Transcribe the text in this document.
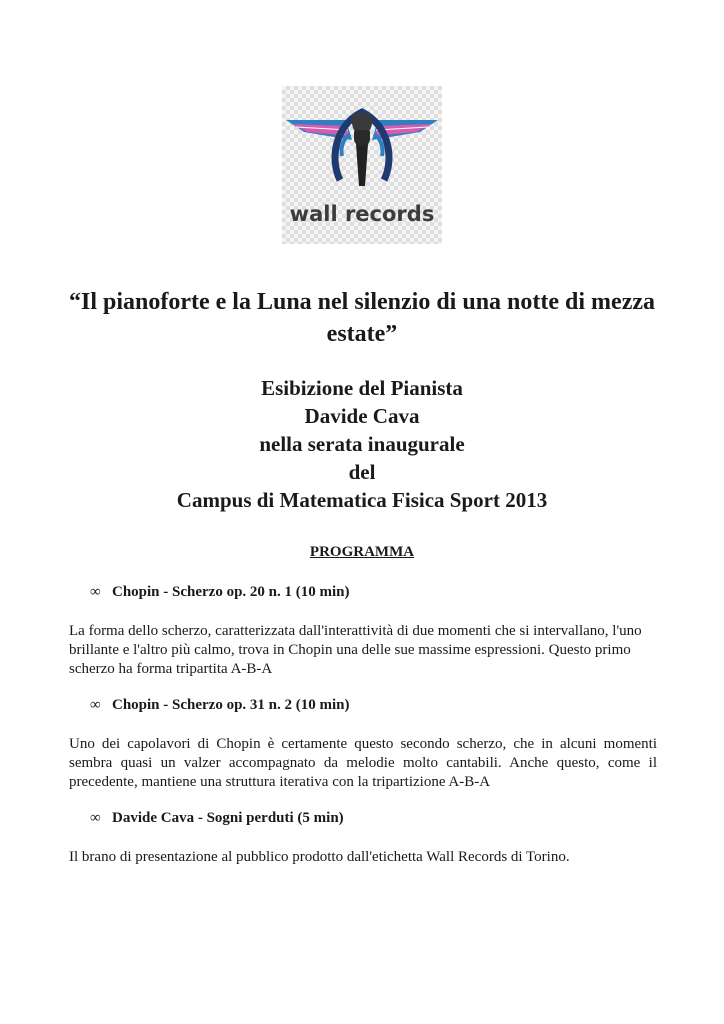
wall records
“Il pianoforte e la Luna nel silenzio di una notte di mezza estate”
Esibizione del Pianista
Davide Cava
nella serata inaugurale
del
Campus di Matematica Fisica Sport 2013
PROGRAMMA
∞ Chopin - Scherzo op. 20 n. 1 (10 min)
La forma dello scherzo, caratterizzata dall'interattività di due momenti che si intervallano, l'uno brillante e l'altro più calmo, trova in Chopin una delle sue massime espressioni. Questo primo scherzo ha forma tripartita A-B-A
∞ Chopin - Scherzo op. 31 n. 2 (10 min)
Uno dei capolavori di Chopin è certamente questo secondo scherzo, che in alcuni momenti sembra quasi un valzer accompagnato da melodie molto cantabili. Anche questo, come il precedente, mantiene una struttura iterativa con la tripartizione A-B-A
∞ Davide Cava - Sogni perduti (5 min)
Il brano di presentazione al pubblico prodotto dall'etichetta Wall Records di Torino.
